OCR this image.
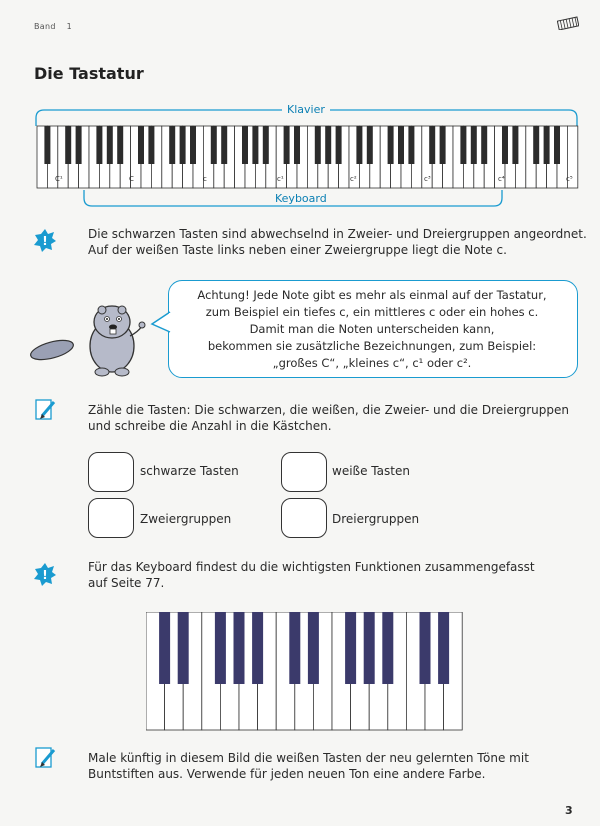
Band 1
Die Tastatur
Klavier
Keyboard
C¹	C	c	c¹	c²	c³	c⁴	c⁵
!	Die schwarzen Tasten sind abwechselnd in Zweier- und Dreiergruppen angeordnet.
Auf der weißen Taste links neben einer Zweiergruppe liegt die Note c.
Achtung! Jede Note gibt es mehr als einmal auf der Tastatur,
zum Beispiel ein tiefes c, ein mittleres c oder ein hohes c.
Damit man die Noten unterscheiden kann,
bekommen sie zusätzliche Bezeichnungen, zum Beispiel:
„großes C“, „kleines c“, c¹ oder c².
Zähle die Tasten: Die schwarzen, die weißen, die Zweier- und die Dreiergruppen
und schreibe die Anzahl in die Kästchen.
schwarze Tasten	weiße Tasten
Zweiergruppen	Dreiergruppen
!
Für das Keyboard findest du die wichtigsten Funktionen zusammengefasst
auf Seite 77.
Male künftig in diesem Bild die weißen Tasten der neu gelernten Töne mit
Buntstiften aus. Verwende für jeden neuen Ton eine andere Farbe.
3
